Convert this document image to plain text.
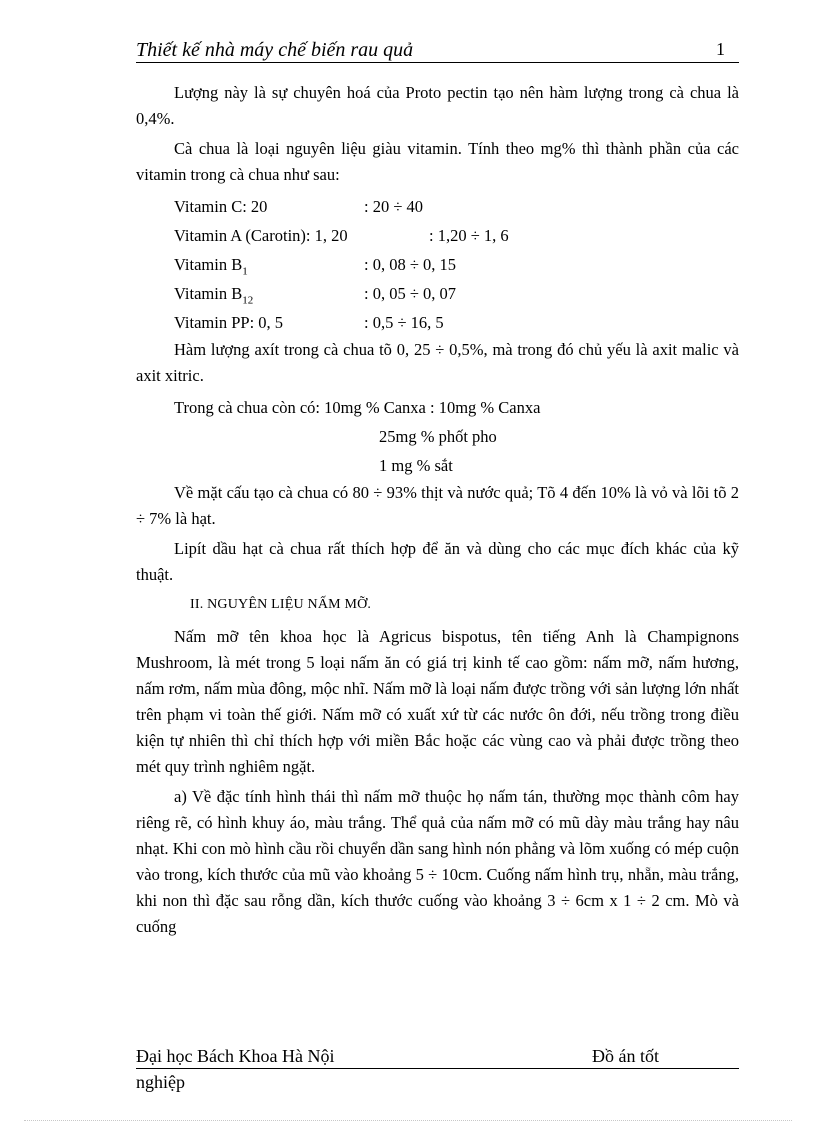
Thiết kế nhà máy chế biến rau quả	1

Lượng này là sự chuyên hoá của Proto pectin tạo nên hàm lượng trong cà chua là 0,4%.

Cà chua là loại nguyên liệu giàu vitamin. Tính theo mg% thì thành phần của các vitamin trong cà chua như sau:

Vitamin C: 20	: 20 ÷ 40
Vitamin A (Carotin): 1, 20	: 1,20 ÷ 1, 6
Vitamin $B_1$	: 0, 08 ÷ 0, 15
Vitamin $B_{12}$	: 0, 05 ÷ 0, 07
Vitamin PP: 0, 5	: 0,5 ÷ 16, 5

Hàm lượng axít trong cà chua tõ 0, 25 ÷ 0,5%, mà trong đó chủ yếu là axit malic và axit xitric.

Trong cà chua còn có: 10mg % Canxa : 10mg % Canxa
25mg % phốt pho
1 mg % sắt

Về mặt cấu tạo cà chua có 80 ÷ 93% thịt và nước quả; Tõ 4 đến 10% là vỏ và lõi tõ 2 ÷ 7% là hạt.

Lipít dầu hạt cà chua rất thích hợp để ăn và dùng cho các mục đích khác của kỹ thuật.

II. NGUYÊN LIỆU NẤM MỠ.

Nấm mỡ tên khoa học là Agricus bispotus, tên tiếng Anh là Champignons Mushroom, là mét trong 5 loại nấm ăn có giá trị kinh tế cao gồm: nấm mỡ, nấm hương, nấm rơm, nấm mùa đông, mộc nhĩ. Nấm mỡ là loại nấm được trồng với sản lượng lớn nhất trên phạm vi toàn thế giới. Nấm mỡ có xuất xứ từ các nước ôn đới, nếu trồng trong điều kiện tự nhiên thì chỉ thích hợp với miền Bắc hoặc các vùng cao và phải được trồng theo mét quy trình nghiêm ngặt.

a) Về đặc tính hình thái thì nấm mỡ thuộc họ nấm tán, thường mọc thành côm hay riêng rẽ, có hình khuy áo, màu trắng. Thể quả của nấm mỡ có mũ dày màu trắng hay nâu nhạt. Khi con mò hình cầu rồi chuyển dần sang hình nón phẳng và lõm xuống có mép cuộn vào trong, kích thước của mũ vào khoảng 5 ÷ 10cm. Cuống nấm hình trụ, nhẵn, màu trắng, khi non thì đặc sau rỗng dần, kích thước cuống vào khoảng 3 ÷ 6cm x 1 ÷ 2 cm. Mò và cuống

Đại học Bách Khoa Hà Nội	Đồ án tốt
nghiệp
